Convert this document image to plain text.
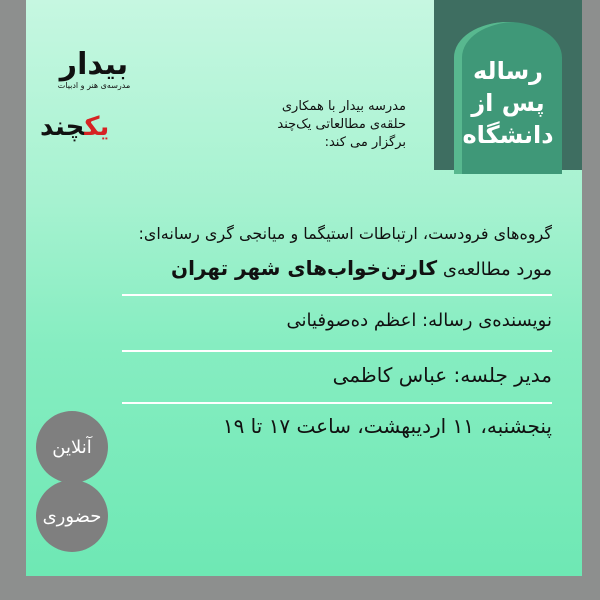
رساله
پس از
دانشگاه
بیدار
مدرسه‌ی هنر و ادبیات
یکچند
مدرسه بیدار با همکاری
حلقه‌ی مطالعاتی یک‌چند
برگزار می کند:
گروه‌های فرودست، ارتباطات استیگما و میانجی گری رسانه‌ای:
مورد مطالعه‌ی کارتن‌خواب‌های شهر تهران
نویسنده‌ی رساله: اعظم ده‌صوفیانی
مدیر جلسه: عباس کاظمی
پنجشنبه، ۱۱ اردیبهشت، ساعت ۱۷ تا ۱۹
آنلاین
حضوری
